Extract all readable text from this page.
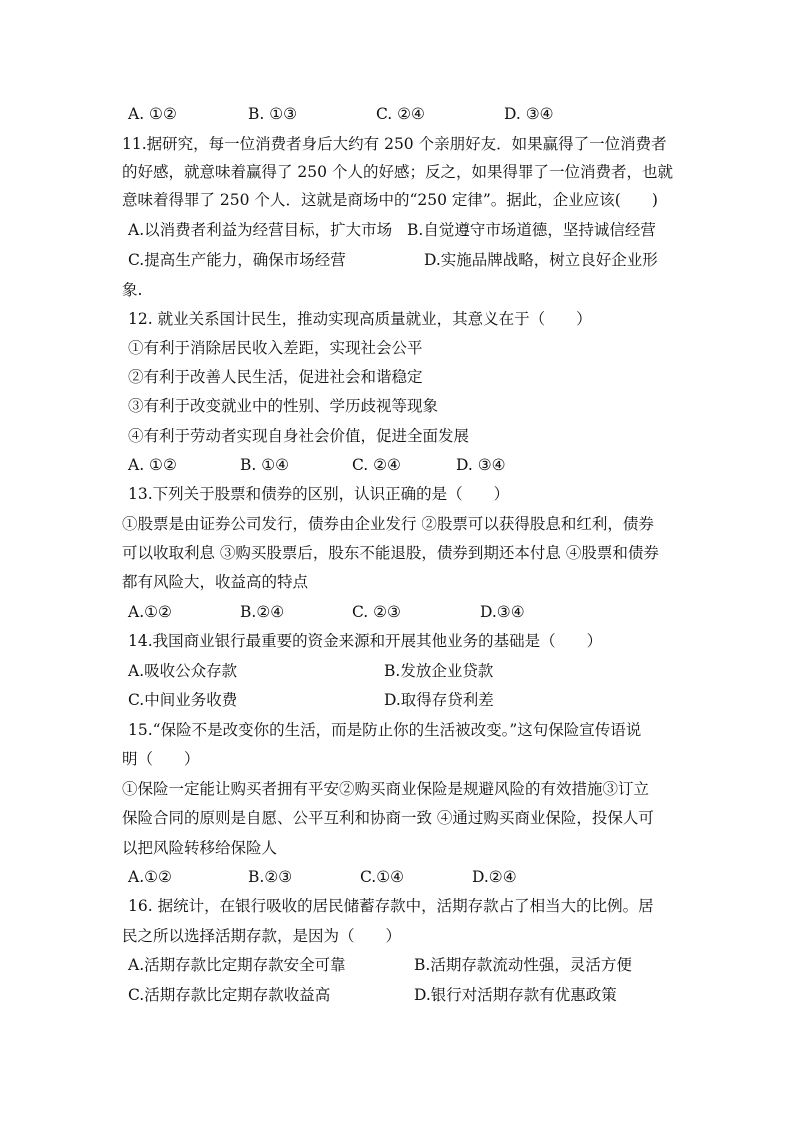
A. ①②	B. ①③	C. ②④	D. ③④
11.据研究，每一位消费者身后大约有 250 个亲朋好友．如果赢得了一位消费者
的好感，就意味着赢得了 250 个人的好感；反之，如果得罪了一位消费者，也就
意味着得罪了 250 个人．这就是商场中的“250 定律”。据此，企业应该(　　)
A.以消费者利益为经营目标，扩大市场 B.自觉遵守市场道德，坚持诚信经营
C.提高生产能力，确保市场经营	D.实施品牌战略，树立良好企业形
象.
12. 就业关系国计民生，推动实现高质量就业，其意义在于（　　）
①有利于消除居民收入差距，实现社会公平
②有利于改善人民生活，促进社会和谐稳定
③有利于改变就业中的性别、学历歧视等现象
④有利于劳动者实现自身社会价值，促进全面发展
A. ①②	B. ①④	C. ②④	D. ③④
13.下列关于股票和债券的区别，认识正确的是（　　）
①股票是由证券公司发行，债券由企业发行 ②股票可以获得股息和红利，债券
可以收取利息 ③购买股票后，股东不能退股，债券到期还本付息 ④股票和债券
都有风险大，收益高的特点
A.①②	B.②④	C. ②③	D.③④
14.我国商业银行最重要的资金来源和开展其他业务的基础是（　　）
A.吸收公众存款	B.发放企业贷款
C.中间业务收费	D.取得存贷利差
15.“保险不是改变你的生活，而是防止你的生活被改变。”这句保险宣传语说
明（　　）
①保险一定能让购买者拥有平安②购买商业保险是规避风险的有效措施③订立
保险合同的原则是自愿、公平互利和协商一致 ④通过购买商业保险，投保人可
以把风险转移给保险人
A.①②	B.②③	C.①④	D.②④
16. 据统计，在银行吸收的居民储蓄存款中，活期存款占了相当大的比例。居
民之所以选择活期存款，是因为（　　）
A.活期存款比定期存款安全可靠	B.活期存款流动性强，灵活方便
C.活期存款比定期存款收益高	D.银行对活期存款有优惠政策
